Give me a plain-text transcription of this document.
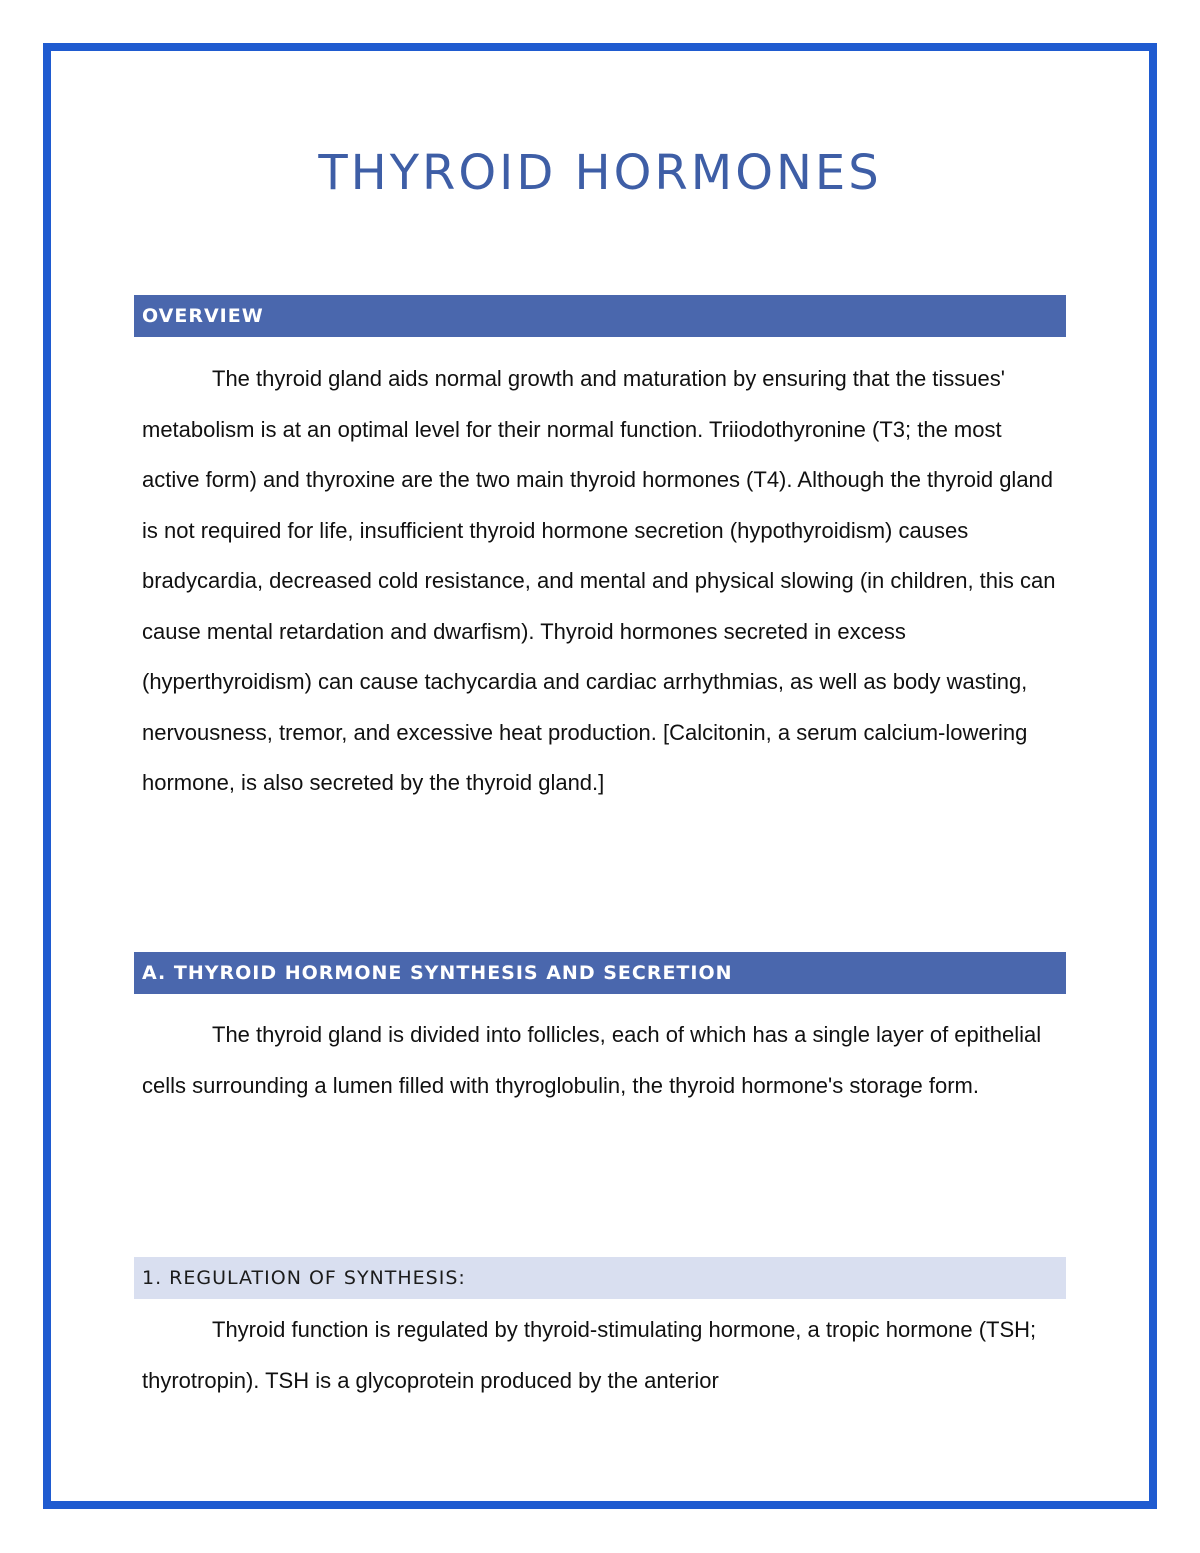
THYROID HORMONES
OVERVIEW

The thyroid gland aids normal growth and maturation by ensuring that the tissues' metabolism is at an optimal level for their normal function. Triiodothyronine (T3; the most active form) and thyroxine are the two main thyroid hormones (T4). Although the thyroid gland is not required for life, insufficient thyroid hormone secretion (hypothyroidism) causes bradycardia, decreased cold resistance, and mental and physical slowing (in children, this can cause mental retardation and dwarfism). Thyroid hormones secreted in excess (hyperthyroidism) can cause tachycardia and cardiac arrhythmias, as well as body wasting, nervousness, tremor, and excessive heat production. [Calcitonin, a serum calcium-lowering hormone, is also secreted by the thyroid gland.]

A. THYROID HORMONE SYNTHESIS AND SECRETION

The thyroid gland is divided into follicles, each of which has a single layer of epithelial cells surrounding a lumen filled with thyroglobulin, the thyroid hormone's storage form.

1. REGULATION OF SYNTHESIS:

Thyroid function is regulated by thyroid-stimulating hormone, a tropic hormone (TSH; thyrotropin). TSH is a glycoprotein produced by the anterior
